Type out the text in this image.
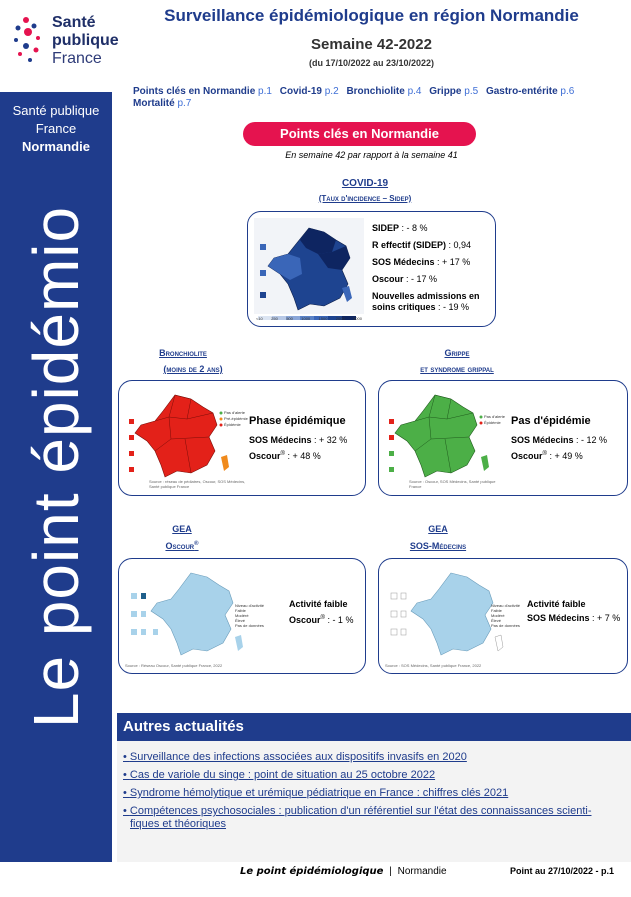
Santé
publique
France
Santé publique
France
Normandie
Le point épidémio
Surveillance épidémiologique en région Normandie
Semaine 42-2022
(du 17/10/2022 au 23/10/2022)
Points clés en Normandie p.1 Covid-19 p.2 Bronchiolite p.4 Grippe p.5 Gastro-entérite p.6
Mortalité p.7
Points clés en Normandie
En semaine 42 par rapport à la semaine 41
COVID-19
(Taux d'incidence – Sidep)
<10 250 500 1000 1500 2000 3000
SIDEP : - 8 %
R effectif (SIDEP) : 0,94
SOS Médecins : + 17 %
Oscour : - 17 %
Nouvelles admissions en
soins critiques : - 19 %
Bronchiolite
(moins de 2 ans)
Pas d'alerte
Pré-épidémie
Épidémie
Source : réseau de pédiatres, Oscour, SOS Médecins, Santé publique France
Phase épidémique
SOS Médecins : + 32 %
Oscour® : + 48 %
Grippe
et syndrome grippal
Pas d'alerte
Épidémie
Source : Oscour, SOS Médecins, Santé publique France
Pas d'épidémie
SOS Médecins : - 12 %
Oscour® : + 49 %
GEA
Oscour®
Niveau d'activité
Faible
Modéré
Élevé
Pas de données
Source : Réseau Oscour, Santé publique France, 2022
Activité faible
Oscour® : - 1 %
GEA
SOS-Médecins
Niveau d'activité
Faible
Modéré
Élevé
Pas de données
Source : SOS Médecins, Santé publique France, 2022
Activité faible
SOS Médecins : + 7 %
Autres actualités
• Surveillance des infections associées aux dispositifs invasifs en 2020
• Cas de variole du singe : point de situation au 25 octobre 2022
• Syndrome hémolytique et urémique pédiatrique en France : chiffres clés 2021
• Compétences psychosociales : publication d'un référentiel sur l'état des connaissances scienti-
fiques et théoriques
Le point épidémiologique | Normandie	Point au 27/10/2022 - p.1
